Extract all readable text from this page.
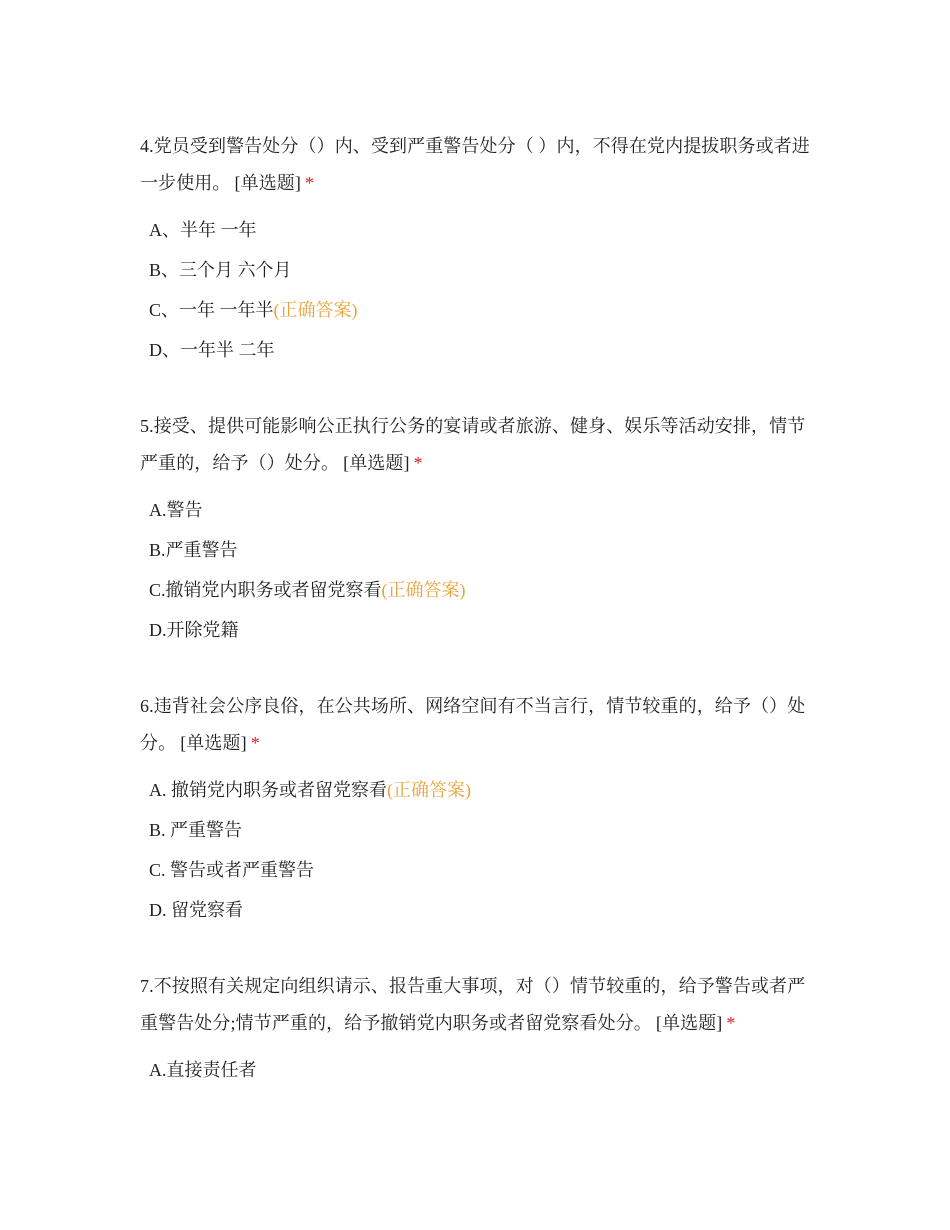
4.党员受到警告处分（）内、受到严重警告处分（ ）内，不得在党内提拔职务或者进一步使用。 [单选题] *

A、半年 一年
B、三个月 六个月
C、一年 一年半(正确答案)
D、一年半 二年

5.接受、提供可能影响公正执行公务的宴请或者旅游、健身、娱乐等活动安排，情节严重的，给予（）处分。 [单选题] *

A.警告
B.严重警告
C.撤销党内职务或者留党察看(正确答案)
D.开除党籍

6.违背社会公序良俗，在公共场所、网络空间有不当言行，情节较重的，给予（）处分。 [单选题] *

A. 撤销党内职务或者留党察看(正确答案)
B. 严重警告
C. 警告或者严重警告
D. 留党察看

7.不按照有关规定向组织请示、报告重大事项，对（）情节较重的，给予警告或者严重警告处分;情节严重的，给予撤销党内职务或者留党察看处分。 [单选题] *

A.直接责任者
